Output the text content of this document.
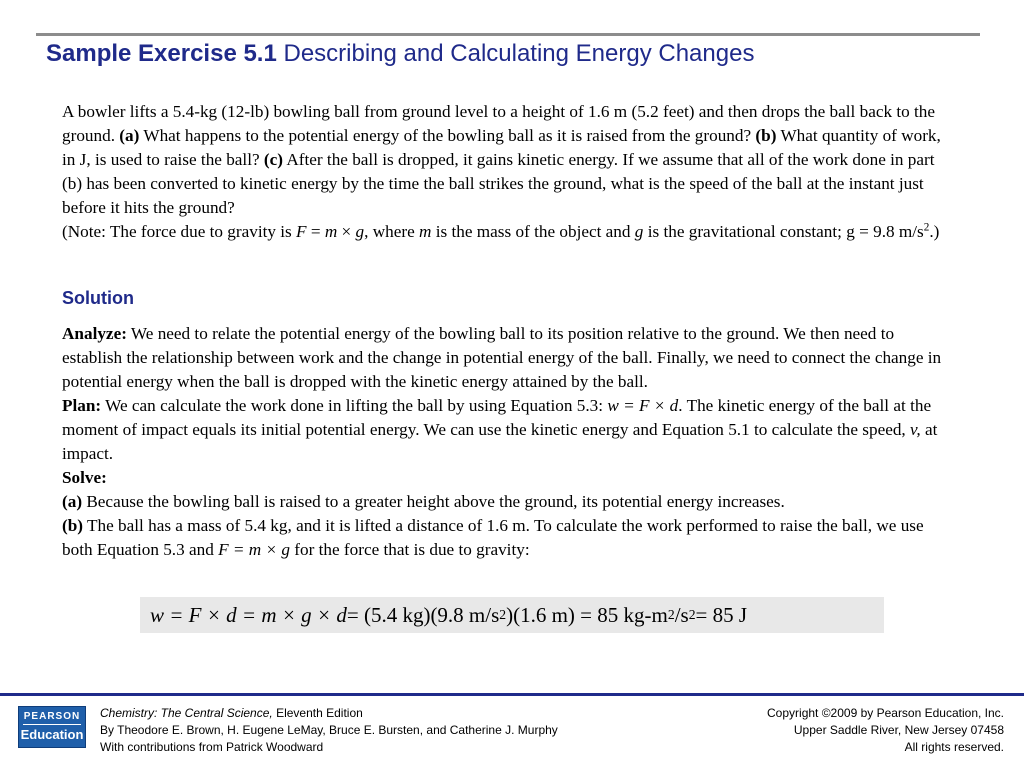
Sample Exercise 5.1 Describing and Calculating Energy Changes
A bowler lifts a 5.4-kg (12-lb) bowling ball from ground level to a height of 1.6 m (5.2 feet) and then drops the ball back to the ground. (a) What happens to the potential energy of the bowling ball as it is raised from the ground? (b) What quantity of work, in J, is used to raise the ball? (c) After the ball is dropped, it gains kinetic energy. If we assume that all of the work done in part (b) has been converted to kinetic energy by the time the ball strikes the ground, what is the speed of the ball at the instant just before it hits the ground?
(Note: The force due to gravity is F = m × g, where m is the mass of the object and g is the gravitational constant; g = 9.8 $m/s^2$.)
Solution
Analyze: We need to relate the potential energy of the bowling ball to its position relative to the ground. We then need to establish the relationship between work and the change in potential energy of the ball. Finally, we need to connect the change in potential energy when the ball is dropped with the kinetic energy attained by the ball.
Plan: We can calculate the work done in lifting the ball by using Equation 5.3: w = F × d. The kinetic energy of the ball at the moment of impact equals its initial potential energy. We can use the kinetic energy and Equation 5.1 to calculate the speed, v, at impact.
Solve:
(a) Because the bowling ball is raised to a greater height above the ground, its potential energy increases.
(b) The ball has a mass of 5.4 kg, and it is lifted a distance of 1.6 m. To calculate the work performed to raise the ball, we use both Equation 5.3 and F = m × g for the force that is due to gravity:
w = F × d = m × g × d = (5.4 kg)(9.8 m/s 2 )(1.6 m) = 85 kg-m 2 /s 2 = 85 J
PEARSON
Education
Chemistry: The Central Science, Eleventh Edition
By Theodore E. Brown, H. Eugene LeMay, Bruce E. Bursten, and Catherine J. Murphy
With contributions from Patrick Woodward
Copyright ©2009 by Pearson Education, Inc.
Upper Saddle River, New Jersey 07458
All rights reserved.
